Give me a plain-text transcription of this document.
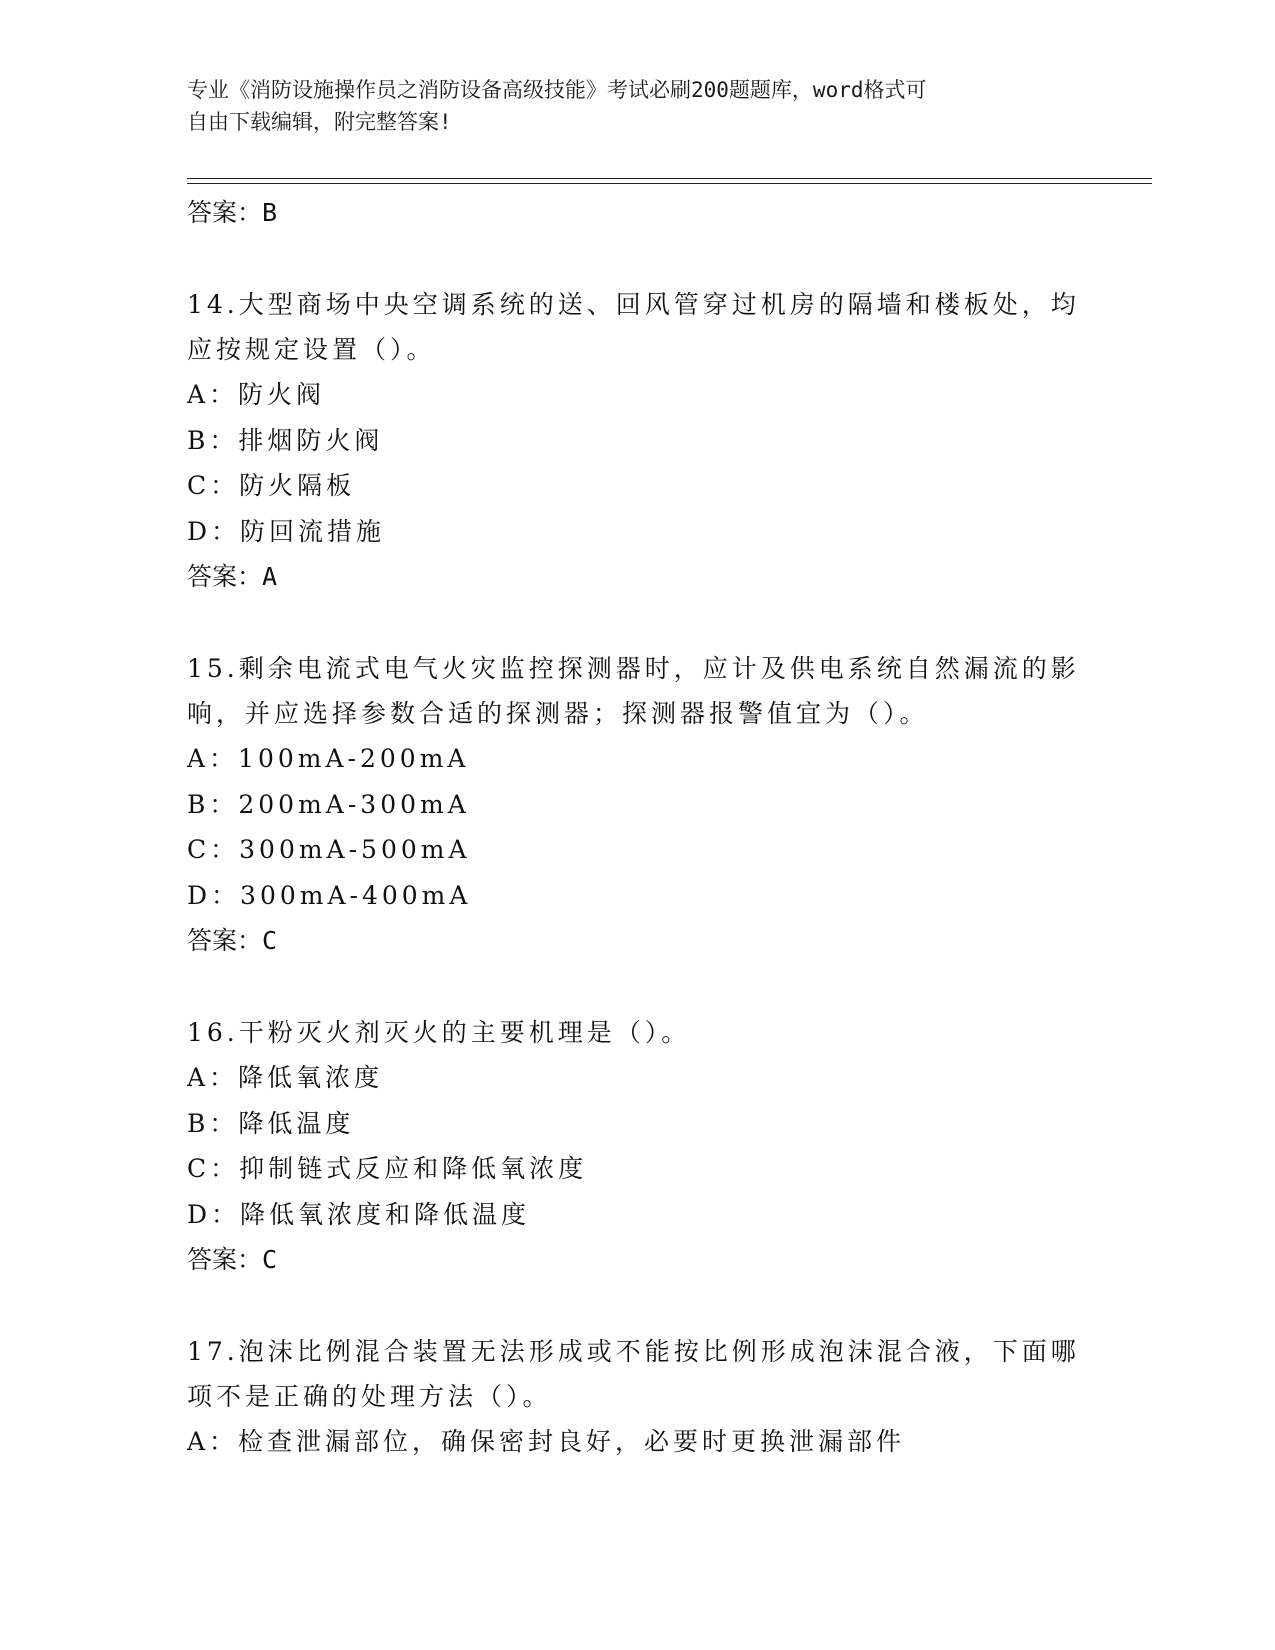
专业《消防设施操作员之消防设备高级技能》考试必刷200题题库，word格式可
自由下载编辑，附完整答案!
答案：B
14.大型商场中央空调系统的送、回风管穿过机房的隔墙和楼板处，均
应按规定设置（）。
A：防火阀
B：排烟防火阀
C：防火隔板
D：防回流措施
答案：A
15.剩余电流式电气火灾监控探测器时，应计及供电系统自然漏流的影
响，并应选择参数合适的探测器；探测器报警值宜为（）。
A：100mA-200mA
B：200mA-300mA
C：300mA-500mA
D：300mA-400mA
答案：C
16.干粉灭火剂灭火的主要机理是（）。
A：降低氧浓度
B：降低温度
C：抑制链式反应和降低氧浓度
D：降低氧浓度和降低温度
答案：C
17.泡沫比例混合装置无法形成或不能按比例形成泡沫混合液，下面哪
项不是正确的处理方法（）。
A：检查泄漏部位，确保密封良好，必要时更换泄漏部件
